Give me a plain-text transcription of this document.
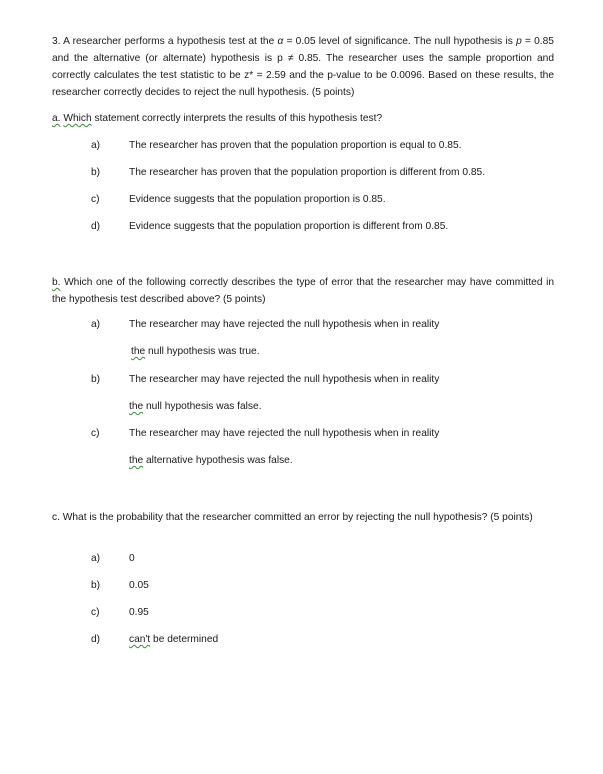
3. A researcher performs a hypothesis test at the α = 0.05 level of significance. The null hypothesis is p = 0.85 and the alternative (or alternate) hypothesis is p ≠ 0.85. The researcher uses the sample proportion and correctly calculates the test statistic to be z* = 2.59 and the p-value to be 0.0096. Based on these results, the researcher correctly decides to reject the null hypothesis. (5 points)
a. Which statement correctly interprets the results of this hypothesis test?
a)	The researcher has proven that the population proportion is equal to 0.85.
b)	The researcher has proven that the population proportion is different from 0.85.
c)	Evidence suggests that the population proportion is 0.85.
d)	Evidence suggests that the population proportion is different from 0.85.
b. Which one of the following correctly describes the type of error that the researcher may have committed in the hypothesis test described above? (5 points)
a)	The researcher may have rejected the null hypothesis when in reality
the null hypothesis was true.
b)	The researcher may have rejected the null hypothesis when in reality
the null hypothesis was false.
c)	The researcher may have rejected the null hypothesis when in reality
the alternative hypothesis was false.
c. What is the probability that the researcher committed an error by rejecting the null hypothesis? (5 points)
a)	0
b)	0.05
c)	0.95
d)	can't be determined
